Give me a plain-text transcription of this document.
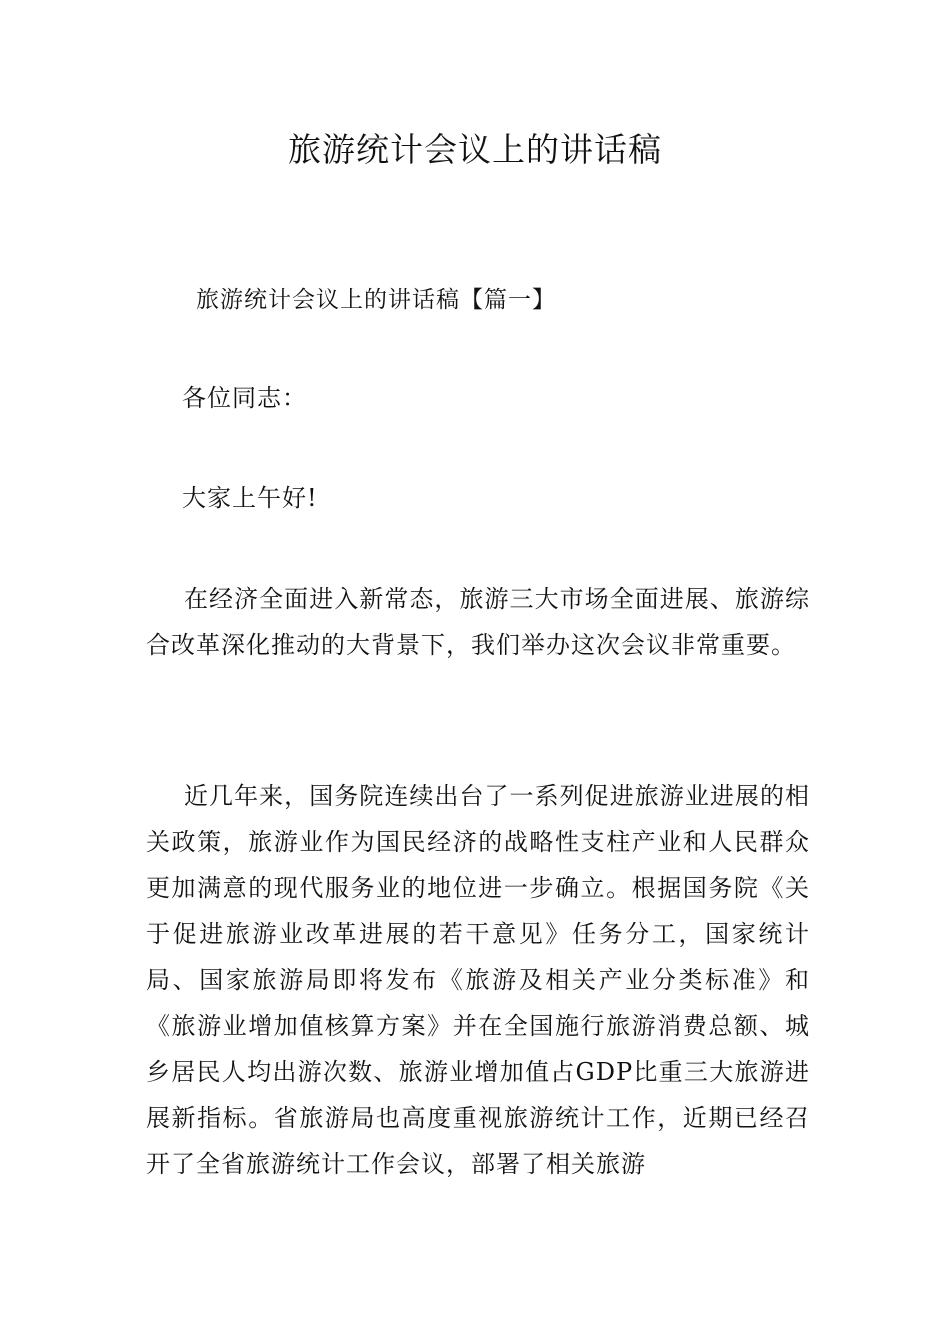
旅游统计会议上的讲话稿
旅游统计会议上的讲话稿【篇一】
各位同志：
大家上午好!

在经济全面进入新常态，旅游三大市场全面进展、旅游综合改革深化推动的大背景下，我们举办这次会议非常重要。

近几年来，国务院连续出台了一系列促进旅游业进展的相关政策，旅游业作为国民经济的战略性支柱产业和人民群众更加满意的现代服务业的地位进一步确立。根据国务院《关于促进旅游业改革进展的若干意见》任务分工，国家统计局、国家旅游局即将发布《旅游及相关产业分类标准》和《旅游业增加值核算方案》并在全国施行旅游消费总额、城乡居民人均出游次数、旅游业增加值占GDP比重三大旅游进展新指标。省旅游局也高度重视旅游统计工作，近期已经召开了全省旅游统计工作会议，部署了相关旅游
